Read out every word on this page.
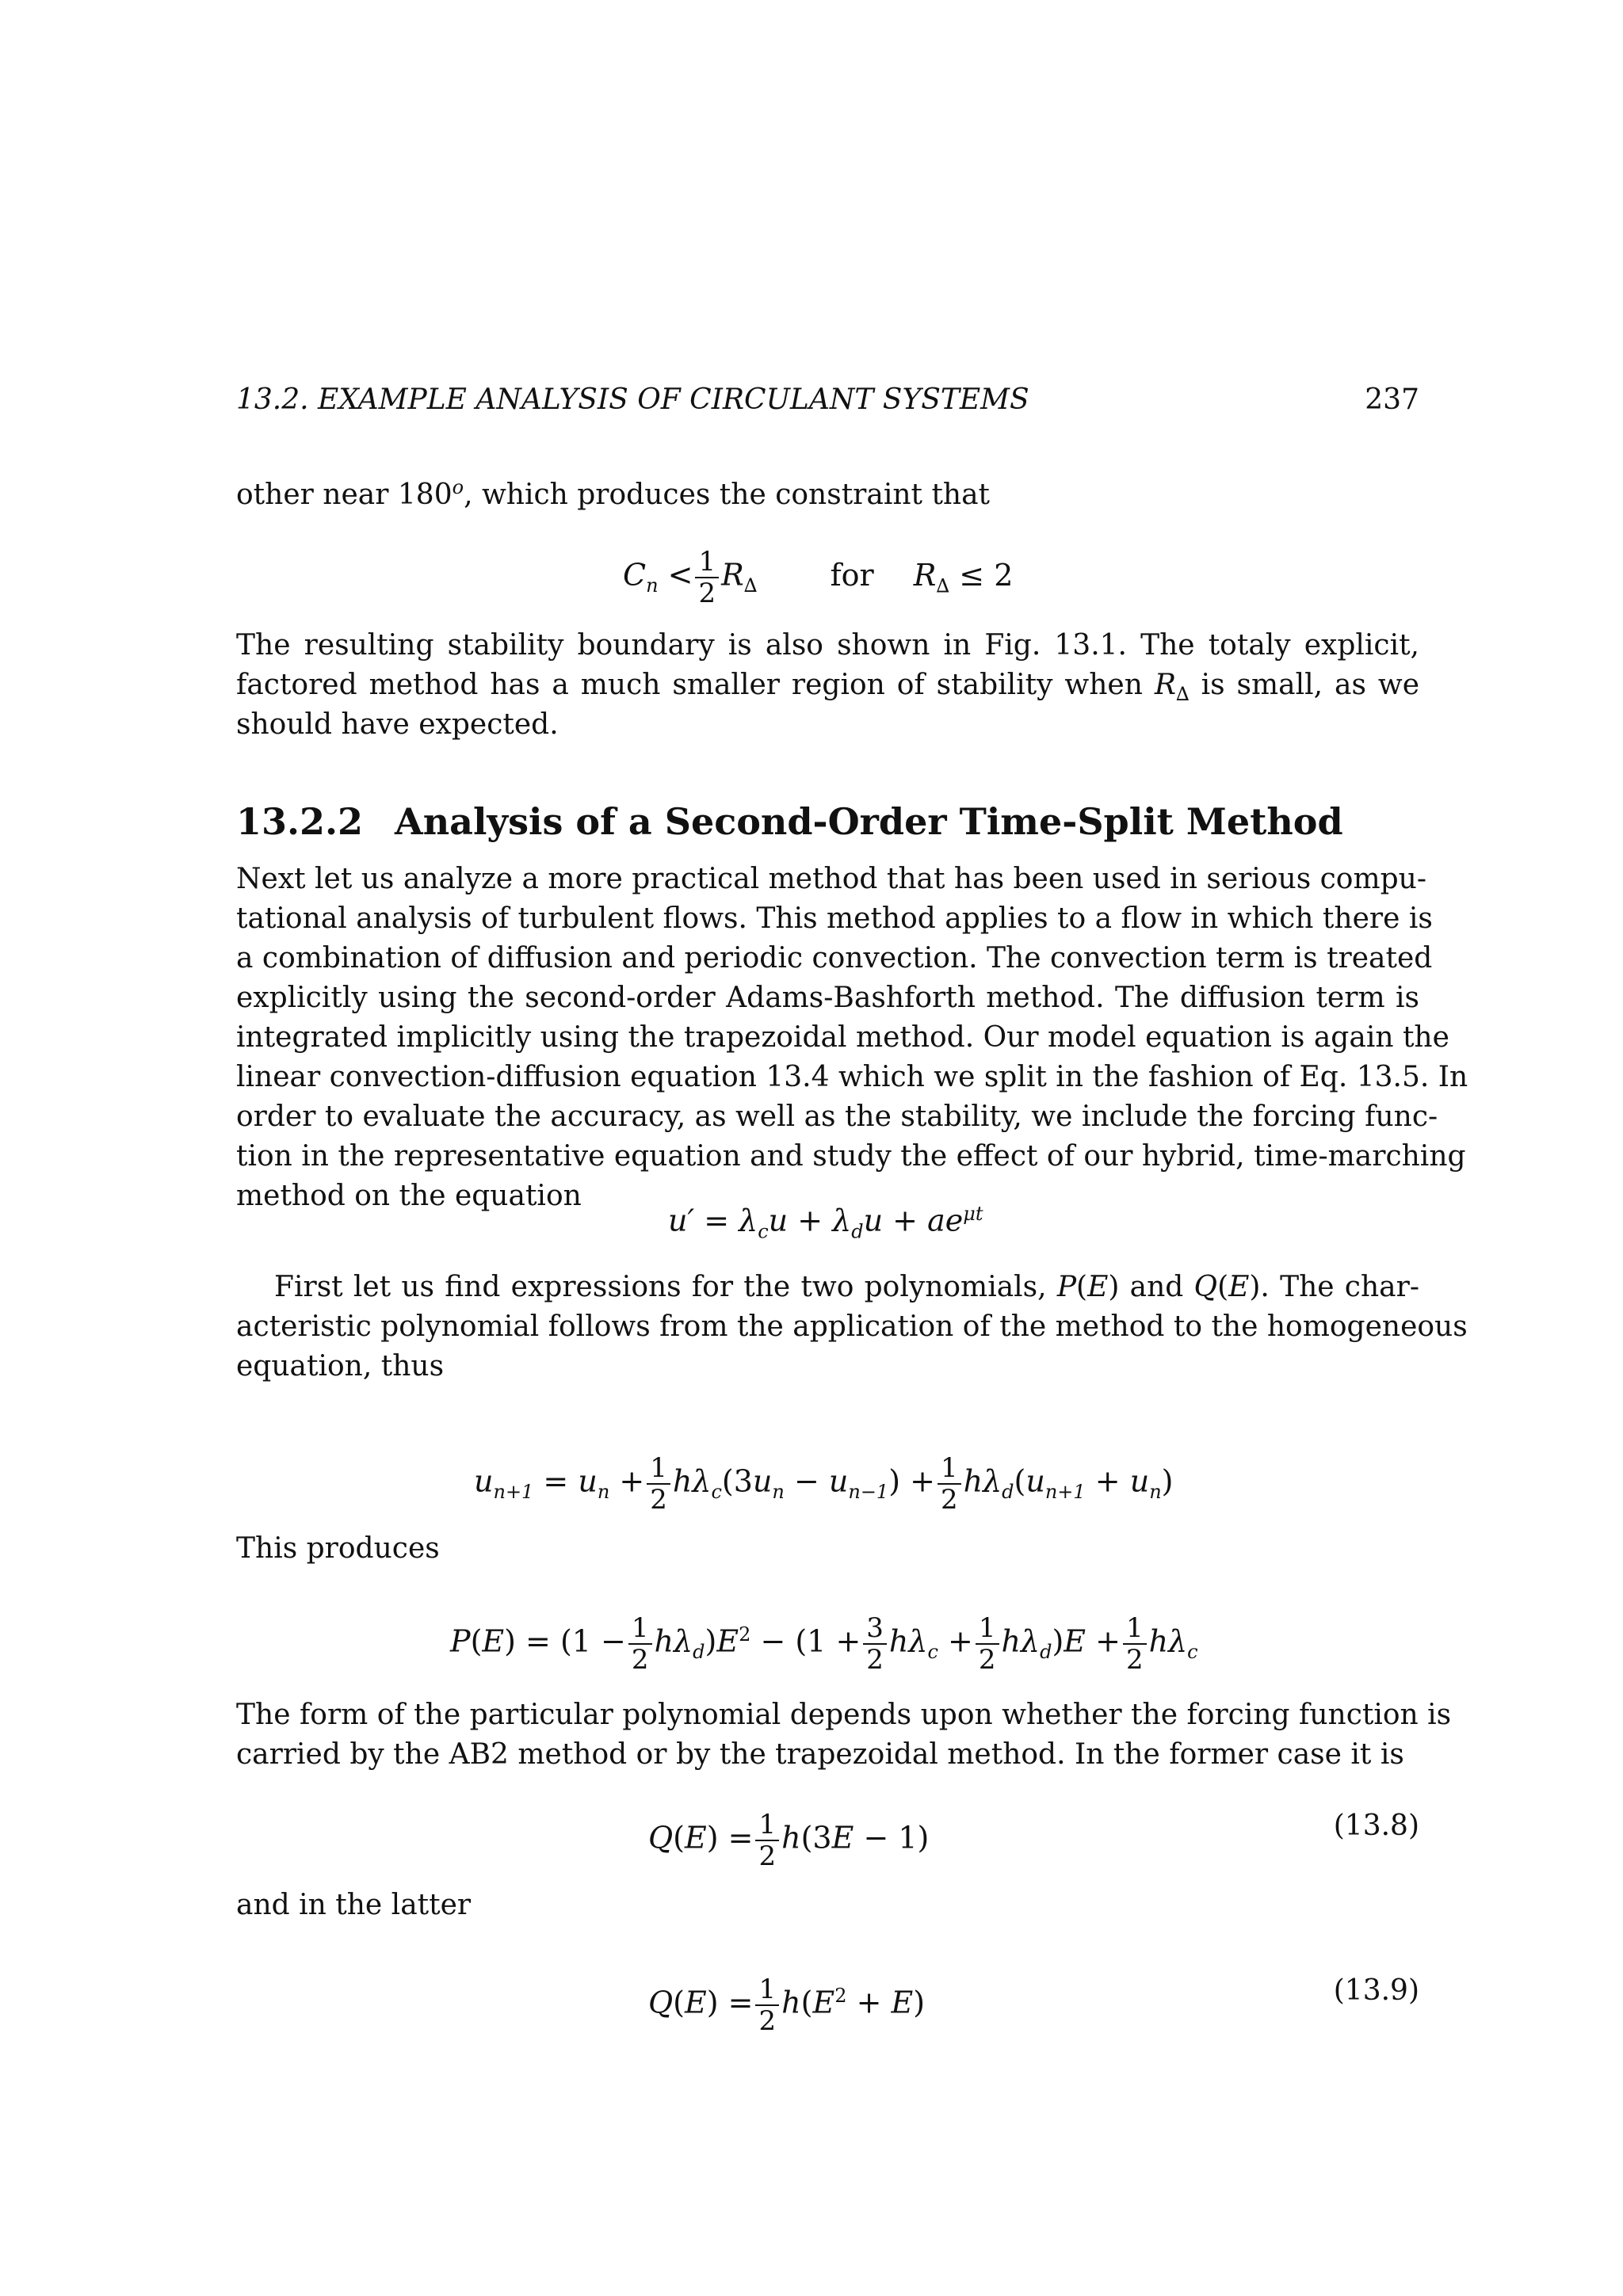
13.2. EXAMPLE ANALYSIS OF CIRCULANT SYSTEMS	237
other near 180$^o$, which produces the constraint that
$C_n < \frac{1}{2} R_\Delta$ for $R_\Delta \le 2$
The resulting stability boundary is also shown in Fig. 13.1. The totaly explicit,
factored method has a much smaller region of stability when $R_\Delta$ is small, as we
should have expected.
13.2.2 Analysis of a Second-Order Time-Split Method
Next let us analyze a more practical method that has been used in serious compu-
tational analysis of turbulent flows. This method applies to a flow in which there is
a combination of diffusion and periodic convection. The convection term is treated
explicitly using the second-order Adams-Bashforth method. The diffusion term is
integrated implicitly using the trapezoidal method. Our model equation is again the
linear convection-diffusion equation 13.4 which we split in the fashion of Eq. 13.5. In
order to evaluate the accuracy, as well as the stability, we include the forcing func-
tion in the representative equation and study the effect of our hybrid, time-marching
method on the equation
$u' = \lambda_cu + \lambda_du + ae^{\mu t}$
First let us find expressions for the two polynomials, P(E) and Q(E). The char-
acteristic polynomial follows from the application of the method to the homogeneous
equation, thus
$u_{n+1} = u_n + \frac{1}{2} h\lambda_c(3u_n - u_{n-1}) + \frac{1}{2} h\lambda_d(u_{n+1} + u_n)$
This produces
$P(E) = (1 - \frac{1}{2} h\lambda_d)E^2 - (1 + \frac{3}{2} h\lambda_c + \frac{1}{2} h\lambda_d)E + \frac{1}{2} h\lambda_c$
The form of the particular polynomial depends upon whether the forcing function is
carried by the AB2 method or by the trapezoidal method. In the former case it is
$Q(E) = \frac{1}{2} h(3E - 1)$	(13.8)
and in the latter
$Q(E) = \frac{1}{2} h(E^2 + E)$	(13.9)
